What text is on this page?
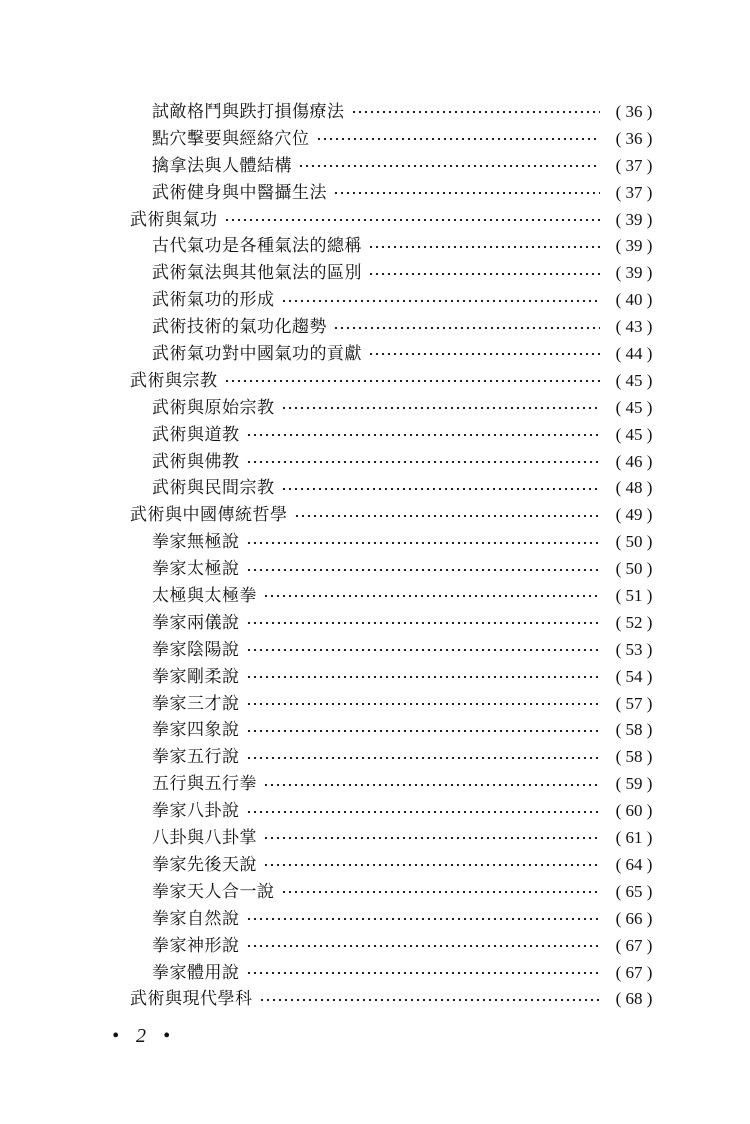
試敵格鬥與跌打損傷療法	( 36 )
點穴擊要與經絡穴位	( 36 )
擒拿法與人體結構	( 37 )
武術健身與中醫攝生法	( 37 )
武術與氣功	( 39 )
古代氣功是各種氣法的總稱	( 39 )
武術氣法與其他氣法的區別	( 39 )
武術氣功的形成	( 40 )
武術技術的氣功化趨勢	( 43 )
武術氣功對中國氣功的貢獻	( 44 )
武術與宗教	( 45 )
武術與原始宗教	( 45 )
武術與道教	( 45 )
武術與佛教	( 46 )
武術與民間宗教	( 48 )
武術與中國傳統哲學	( 49 )
拳家無極說	( 50 )
拳家太極說	( 50 )
太極與太極拳	( 51 )
拳家兩儀說	( 52 )
拳家陰陽說	( 53 )
拳家剛柔說	( 54 )
拳家三才說	( 57 )
拳家四象說	( 58 )
拳家五行說	( 58 )
五行與五行拳	( 59 )
拳家八卦說	( 60 )
八卦與八卦掌	( 61 )
拳家先後天說	( 64 )
拳家天人合一說	( 65 )
拳家自然說	( 66 )
拳家神形說	( 67 )
拳家體用說	( 67 )
武術與現代學科	( 68 )
• 2 •
